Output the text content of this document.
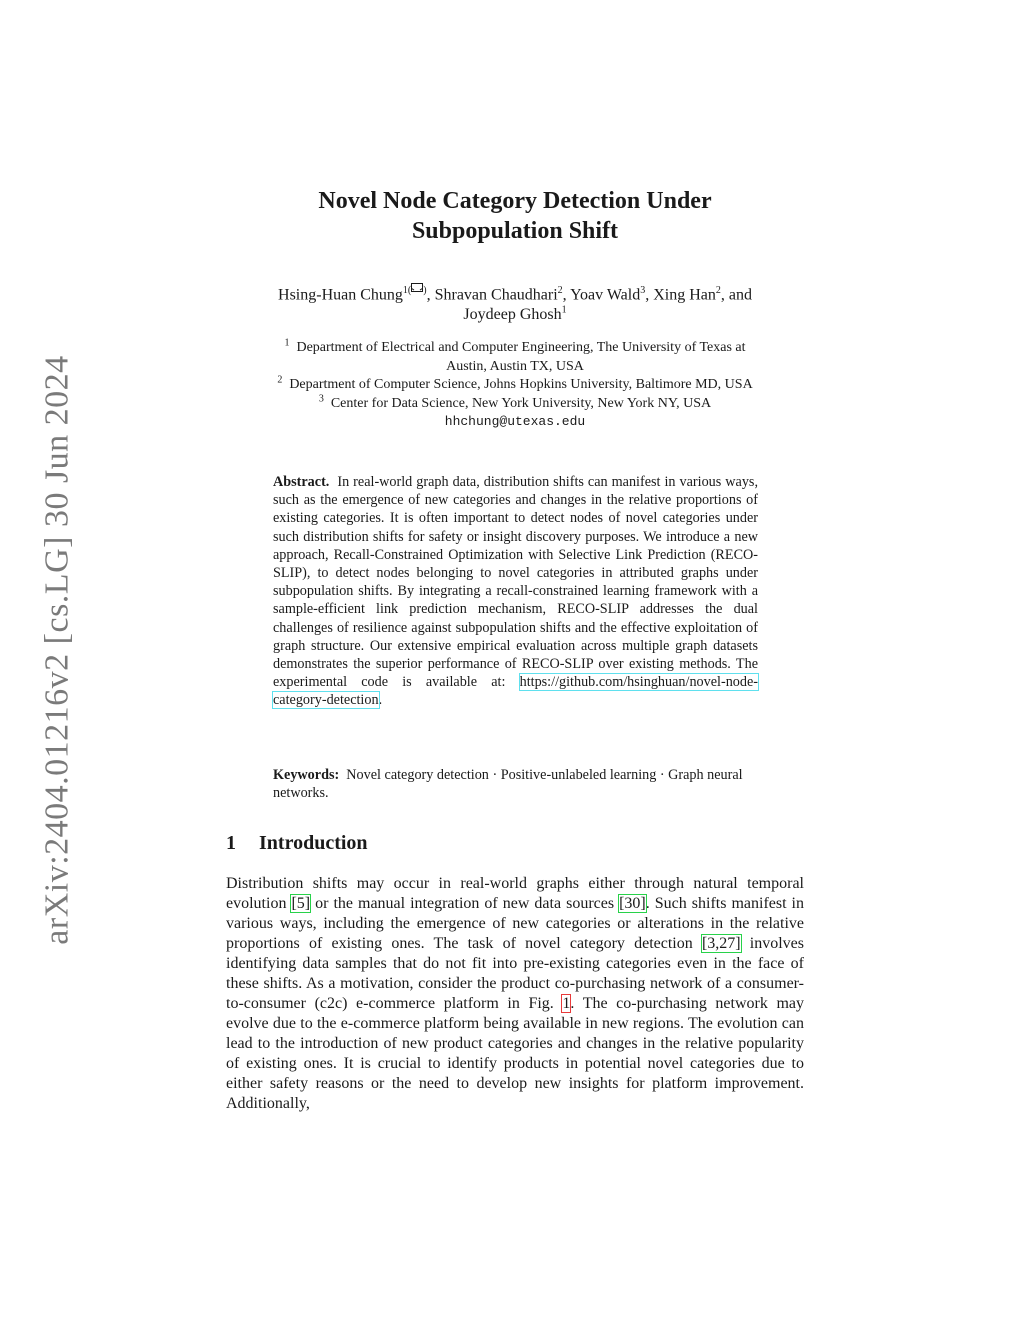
arXiv:2404.01216v2 [cs.LG] 30 Jun 2024
Novel Node Category Detection Under
Subpopulation Shift
Hsing-Huan Chung$^{1( )}$, Shravan Chaudhari$^2$, Yoav Wald$^3$, Xing Han$^2$, and
Joydeep Ghosh$^1$
$^1$ Department of Electrical and Computer Engineering, The University of Texas at
Austin, Austin TX, USA
$^2$ Department of Computer Science, Johns Hopkins University, Baltimore MD, USA
$^3$ Center for Data Science, New York University, New York NY, USA
hhchung@utexas.edu
Abstract. In real-world graph data, distribution shifts can manifest in various ways, such as the emergence of new categories and changes in the relative proportions of existing categories. It is often important to detect nodes of novel categories under such distribution shifts for safety or insight discovery purposes. We introduce a new approach, Recall-Constrained Optimization with Selective Link Prediction (RECO-SLIP), to detect nodes belonging to novel categories in attributed graphs under subpopulation shifts. By integrating a recall-constrained learning framework with a sample-efficient link prediction mechanism, RECO-SLIP addresses the dual challenges of resilience against subpopulation shifts and the effective exploitation of graph structure. Our extensive empirical evaluation across multiple graph datasets demonstrates the superior performance of RECO-SLIP over existing methods. The experimental code is available at: https://github.com/hsinghuan/novel-node-category-detection.
Keywords: Novel category detection · Positive-unlabeled learning · Graph neural networks.
1 Introduction
Distribution shifts may occur in real-world graphs either through natural temporal evolution [5] or the manual integration of new data sources [30]. Such shifts manifest in various ways, including the emergence of new categories or alterations in the relative proportions of existing ones. The task of novel category detection [3,27] involves identifying data samples that do not fit into pre-existing categories even in the face of these shifts. As a motivation, consider the product co-purchasing network of a consumer-to-consumer (c2c) e-commerce platform in Fig. 1. The co-purchasing network may evolve due to the e-commerce platform being available in new regions. The evolution can lead to the introduction of new product categories and changes in the relative popularity of existing ones. It is crucial to identify products in potential novel categories due to either safety reasons or the need to develop new insights for platform improvement. Additionally,
